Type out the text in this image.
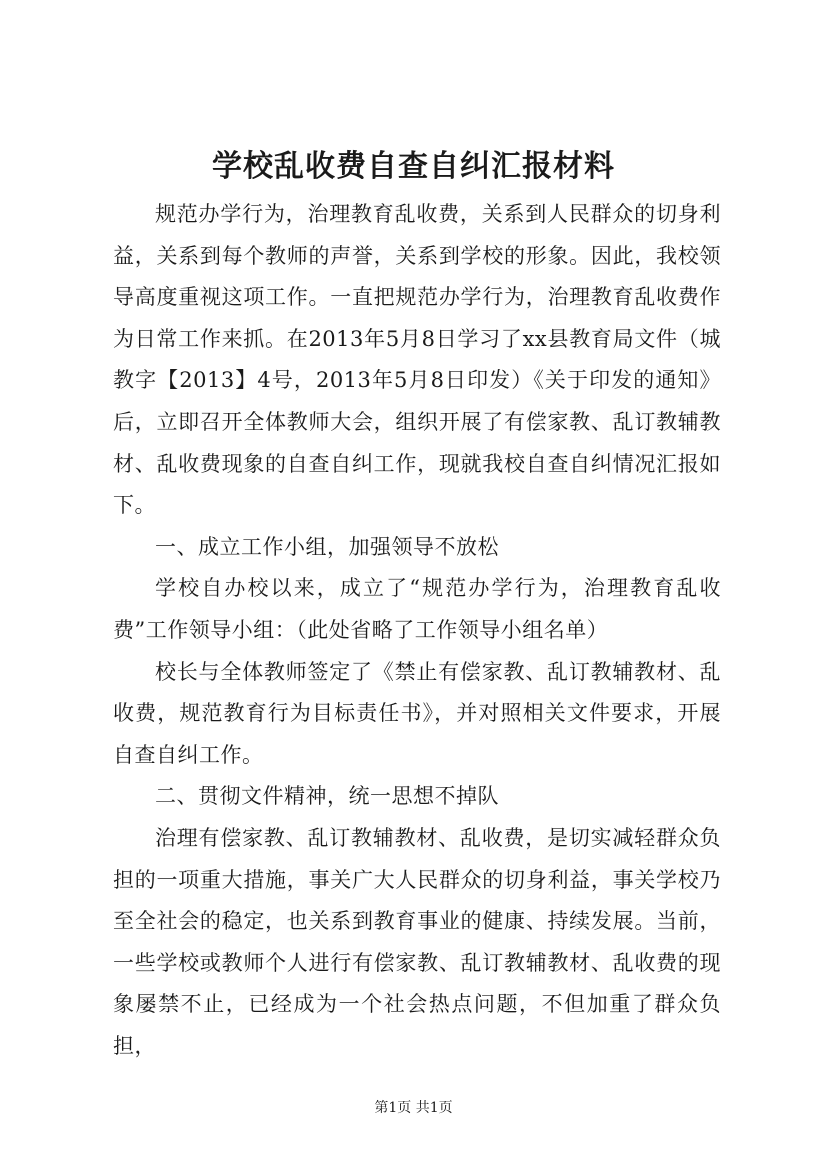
学校乱收费自查自纠汇报材料

规范办学行为，治理教育乱收费，关系到人民群众的切身利益，关系到每个教师的声誉，关系到学校的形象。因此，我校领导高度重视这项工作。一直把规范办学行为，治理教育乱收费作为日常工作来抓。在2013年5月8日学习了xx县教育局文件（城教字【2013】4号，2013年5月8日印发）《关于印发的通知》后，立即召开全体教师大会，组织开展了有偿家教、乱订教辅教材、乱收费现象的自查自纠工作，现就我校自查自纠情况汇报如下。

一、成立工作小组，加强领导不放松

学校自办校以来，成立了“规范办学行为，治理教育乱收费”工作领导小组：（此处省略了工作领导小组名单）

校长与全体教师签定了《禁止有偿家教、乱订教辅教材、乱收费，规范教育行为目标责任书》，并对照相关文件要求，开展自查自纠工作。

二、贯彻文件精神，统一思想不掉队

治理有偿家教、乱订教辅教材、乱收费，是切实减轻群众负担的一项重大措施，事关广大人民群众的切身利益，事关学校乃至全社会的稳定，也关系到教育事业的健康、持续发展。当前，一些学校或教师个人进行有偿家教、乱订教辅教材、乱收费的现象屡禁不止，已经成为一个社会热点问题，不但加重了群众负担，

第1页 共1页
